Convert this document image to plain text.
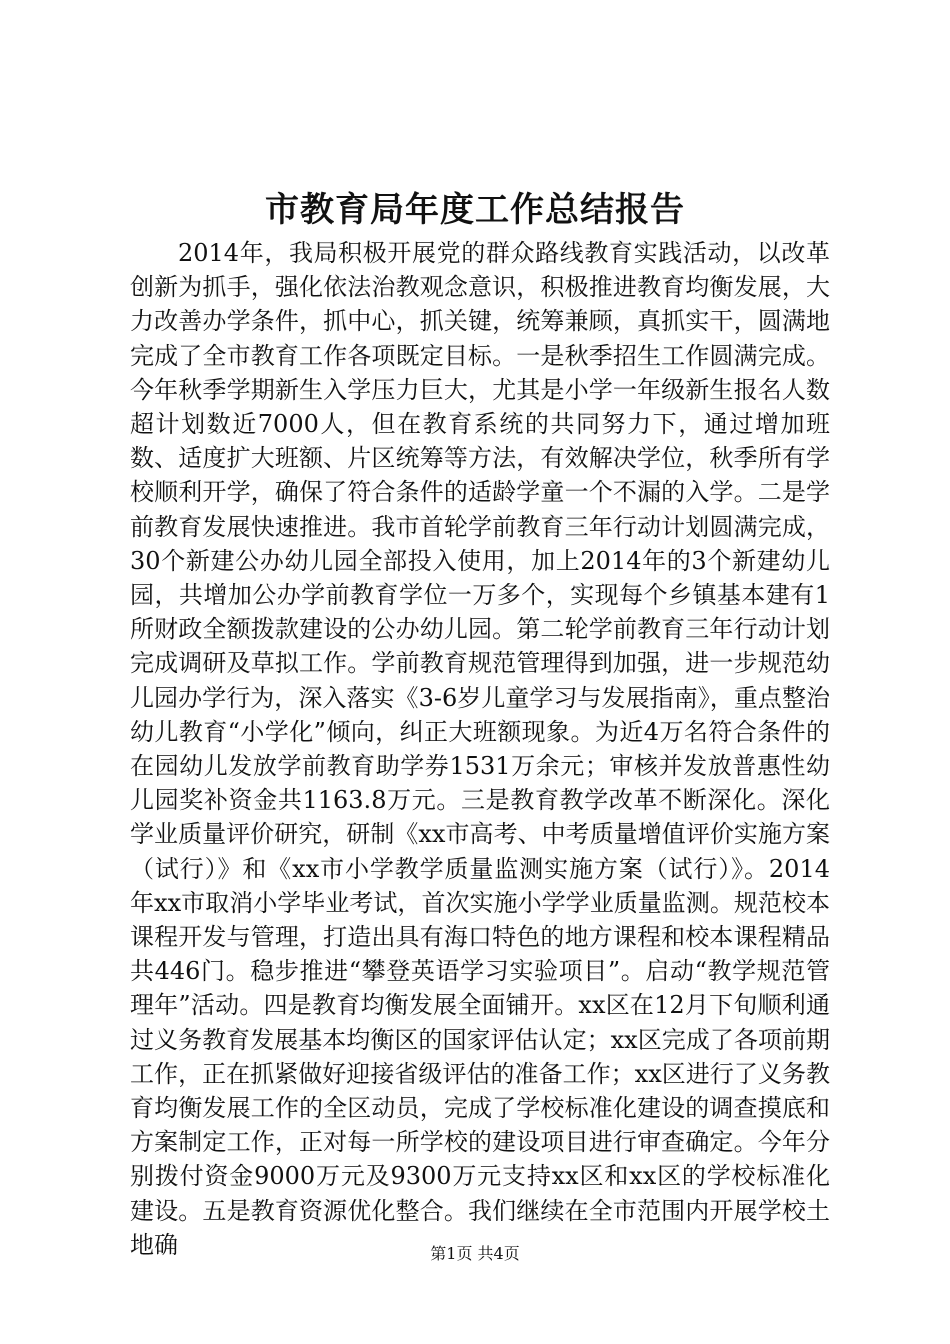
市教育局年度工作总结报告

2014年，我局积极开展党的群众路线教育实践活动，以改革创新为抓手，强化依法治教观念意识，积极推进教育均衡发展，大力改善办学条件，抓中心，抓关键，统筹兼顾，真抓实干，圆满地完成了全市教育工作各项既定目标。一是秋季招生工作圆满完成。今年秋季学期新生入学压力巨大，尤其是小学一年级新生报名人数超计划数近7000人，但在教育系统的共同努力下，通过增加班数、适度扩大班额、片区统筹等方法，有效解决学位，秋季所有学校顺利开学，确保了符合条件的适龄学童一个不漏的入学。二是学前教育发展快速推进。我市首轮学前教育三年行动计划圆满完成，30个新建公办幼儿园全部投入使用，加上2014年的3个新建幼儿园，共增加公办学前教育学位一万多个，实现每个乡镇基本建有1所财政全额拨款建设的公办幼儿园。第二轮学前教育三年行动计划完成调研及草拟工作。学前教育规范管理得到加强，进一步规范幼儿园办学行为，深入落实《3-6岁儿童学习与发展指南》，重点整治幼儿教育“小学化”倾向，纠正大班额现象。为近4万名符合条件的在园幼儿发放学前教育助学券1531万余元；审核并发放普惠性幼儿园奖补资金共1163.8万元。三是教育教学改革不断深化。深化学业质量评价研究，研制《xx市高考、中考质量增值评价实施方案（试行）》和《xx市小学教学质量监测实施方案（试行）》。2014年xx市取消小学毕业考试，首次实施小学学业质量监测。规范校本课程开发与管理，打造出具有海口特色的地方课程和校本课程精品共446门。稳步推进“攀登英语学习实验项目”。启动“教学规范管理年”活动。四是教育均衡发展全面铺开。xx区在12月下旬顺利通过义务教育发展基本均衡区的国家评估认定；xx区完成了各项前期工作，正在抓紧做好迎接省级评估的准备工作；xx区进行了义务教育均衡发展工作的全区动员，完成了学校标准化建设的调查摸底和方案制定工作，正对每一所学校的建设项目进行审查确定。今年分别拨付资金9000万元及9300万元支持xx区和xx区的学校标准化建设。五是教育资源优化整合。我们继续在全市范围内开展学校土地确	第1页 共4页
